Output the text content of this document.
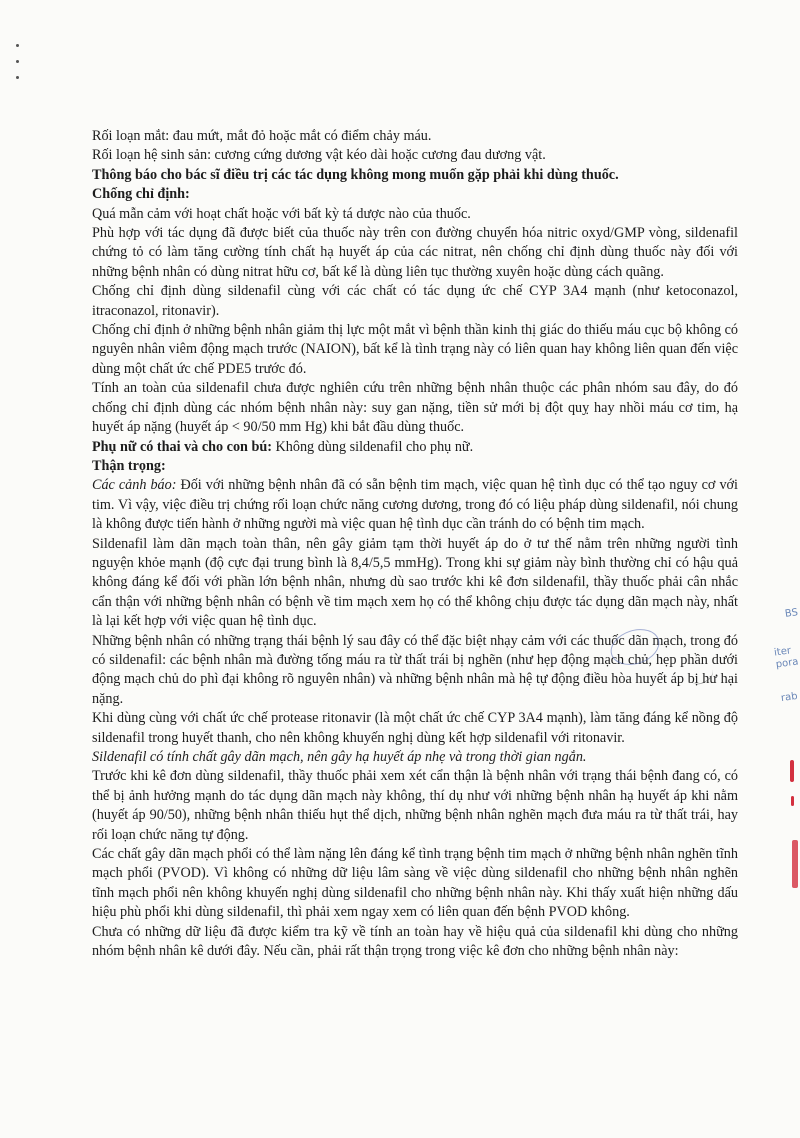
Rối loạn mắt: đau mứt, mắt đỏ hoặc mắt có điểm chảy máu.

Rối loạn hệ sinh sản: cương cứng dương vật kéo dài hoặc cương đau dương vật.

Thông báo cho bác sĩ điều trị các tác dụng không mong muốn gặp phải khi dùng thuốc.

Chống chỉ định:

Quá mẫn cảm với hoạt chất hoặc với bất kỳ tá dược nào của thuốc.

Phù hợp với tác dụng đã được biết của thuốc này trên con đường chuyển hóa nitric oxyd/GMP vòng, sildenafil chứng tỏ có làm tăng cường tính chất hạ huyết áp của các nitrat, nên chống chỉ định dùng thuốc này đối với những bệnh nhân có dùng nitrat hữu cơ, bất kể là dùng liên tục thường xuyên hoặc dùng cách quãng.

Chống chỉ định dùng sildenafil cùng với các chất có tác dụng ức chế CYP 3A4 mạnh (như ketoconazol, itraconazol, ritonavir).

Chống chỉ định ở những bệnh nhân giảm thị lực một mắt vì bệnh thần kinh thị giác do thiếu máu cục bộ không có nguyên nhân viêm động mạch trước (NAION), bất kể là tình trạng này có liên quan hay không liên quan đến việc dùng một chất ức chế PDE5 trước đó.

Tính an toàn của sildenafil chưa được nghiên cứu trên những bệnh nhân thuộc các phân nhóm sau đây, do đó chống chỉ định dùng các nhóm bệnh nhân này: suy gan nặng, tiền sử mới bị đột quỵ hay nhồi máu cơ tim, hạ huyết áp nặng (huyết áp < 90/50 mm Hg) khi bắt đầu dùng thuốc.

Phụ nữ có thai và cho con bú: Không dùng sildenafil cho phụ nữ.

Thận trọng:

Các cảnh báo: Đối với những bệnh nhân đã có sẵn bệnh tim mạch, việc quan hệ tình dục có thể tạo nguy cơ với tim. Vì vậy, việc điều trị chứng rối loạn chức năng cương dương, trong đó có liệu pháp dùng sildenafil, nói chung là không được tiến hành ở những người mà việc quan hệ tình dục cần tránh do có bệnh tim mạch.

Sildenafil làm dãn mạch toàn thân, nên gây giảm tạm thời huyết áp do ở tư thế nằm trên những người tình nguyện khỏe mạnh (độ cực đại trung bình là 8,4/5,5 mmHg). Trong khi sự giảm này bình thường chỉ có hậu quả không đáng kể đối với phần lớn bệnh nhân, nhưng dù sao trước khi kê đơn sildenafil, thầy thuốc phải cân nhắc cẩn thận với những bệnh nhân có bệnh về tim mạch xem họ có thể không chịu được tác dụng dãn mạch này, nhất là lại kết hợp với việc quan hệ tình dục.

Những bệnh nhân có những trạng thái bệnh lý sau đây có thể đặc biệt nhạy cảm với các thuốc dãn mạch, trong đó có sildenafil: các bệnh nhân mà đường tống máu ra từ thất trái bị nghẽn (như hẹp động mạch chủ, hẹp phần dưới động mạch chủ do phì đại không rõ nguyên nhân) và những bệnh nhân mà hệ tự động điều hòa huyết áp bị hư hại nặng.

Khi dùng cùng với chất ức chế protease ritonavir (là một chất ức chế CYP 3A4 mạnh), làm tăng đáng kể nồng độ sildenafil trong huyết thanh, cho nên không khuyến nghị dùng kết hợp sildenafil với ritonavir.

Sildenafil có tính chất gây dãn mạch, nên gây hạ huyết áp nhẹ và trong thời gian ngắn.

Trước khi kê đơn dùng sildenafil, thầy thuốc phải xem xét cẩn thận là bệnh nhân với trạng thái bệnh đang có, có thể bị ảnh hưởng mạnh do tác dụng dãn mạch này không, thí dụ như với những bệnh nhân hạ huyết áp khi nằm (huyết áp 90/50), những bệnh nhân thiếu hụt thể dịch, những bệnh nhân nghẽn mạch đưa máu ra từ thất trái, hay rối loạn chức năng tự động.

Các chất gây dãn mạch phổi có thể làm nặng lên đáng kể tình trạng bệnh tim mạch ở những bệnh nhân nghẽn tĩnh mạch phổi (PVOD). Vì không có những dữ liệu lâm sàng về việc dùng sildenafil cho những bệnh nhân nghẽn tĩnh mạch phổi nên không khuyến nghị dùng sildenafil cho những bệnh nhân này. Khi thấy xuất hiện những dấu hiệu phù phổi khi dùng sildenafil, thì phải xem ngay xem có liên quan đến bệnh PVOD không.

Chưa có những dữ liệu đã được kiểm tra kỹ về tính an toàn hay về hiệu quả của sildenafil khi dùng cho những nhóm bệnh nhân kê dưới đây. Nếu cần, phải rất thận trọng trong việc kê đơn cho những bệnh nhân này:

BS
iter
pora
rab
